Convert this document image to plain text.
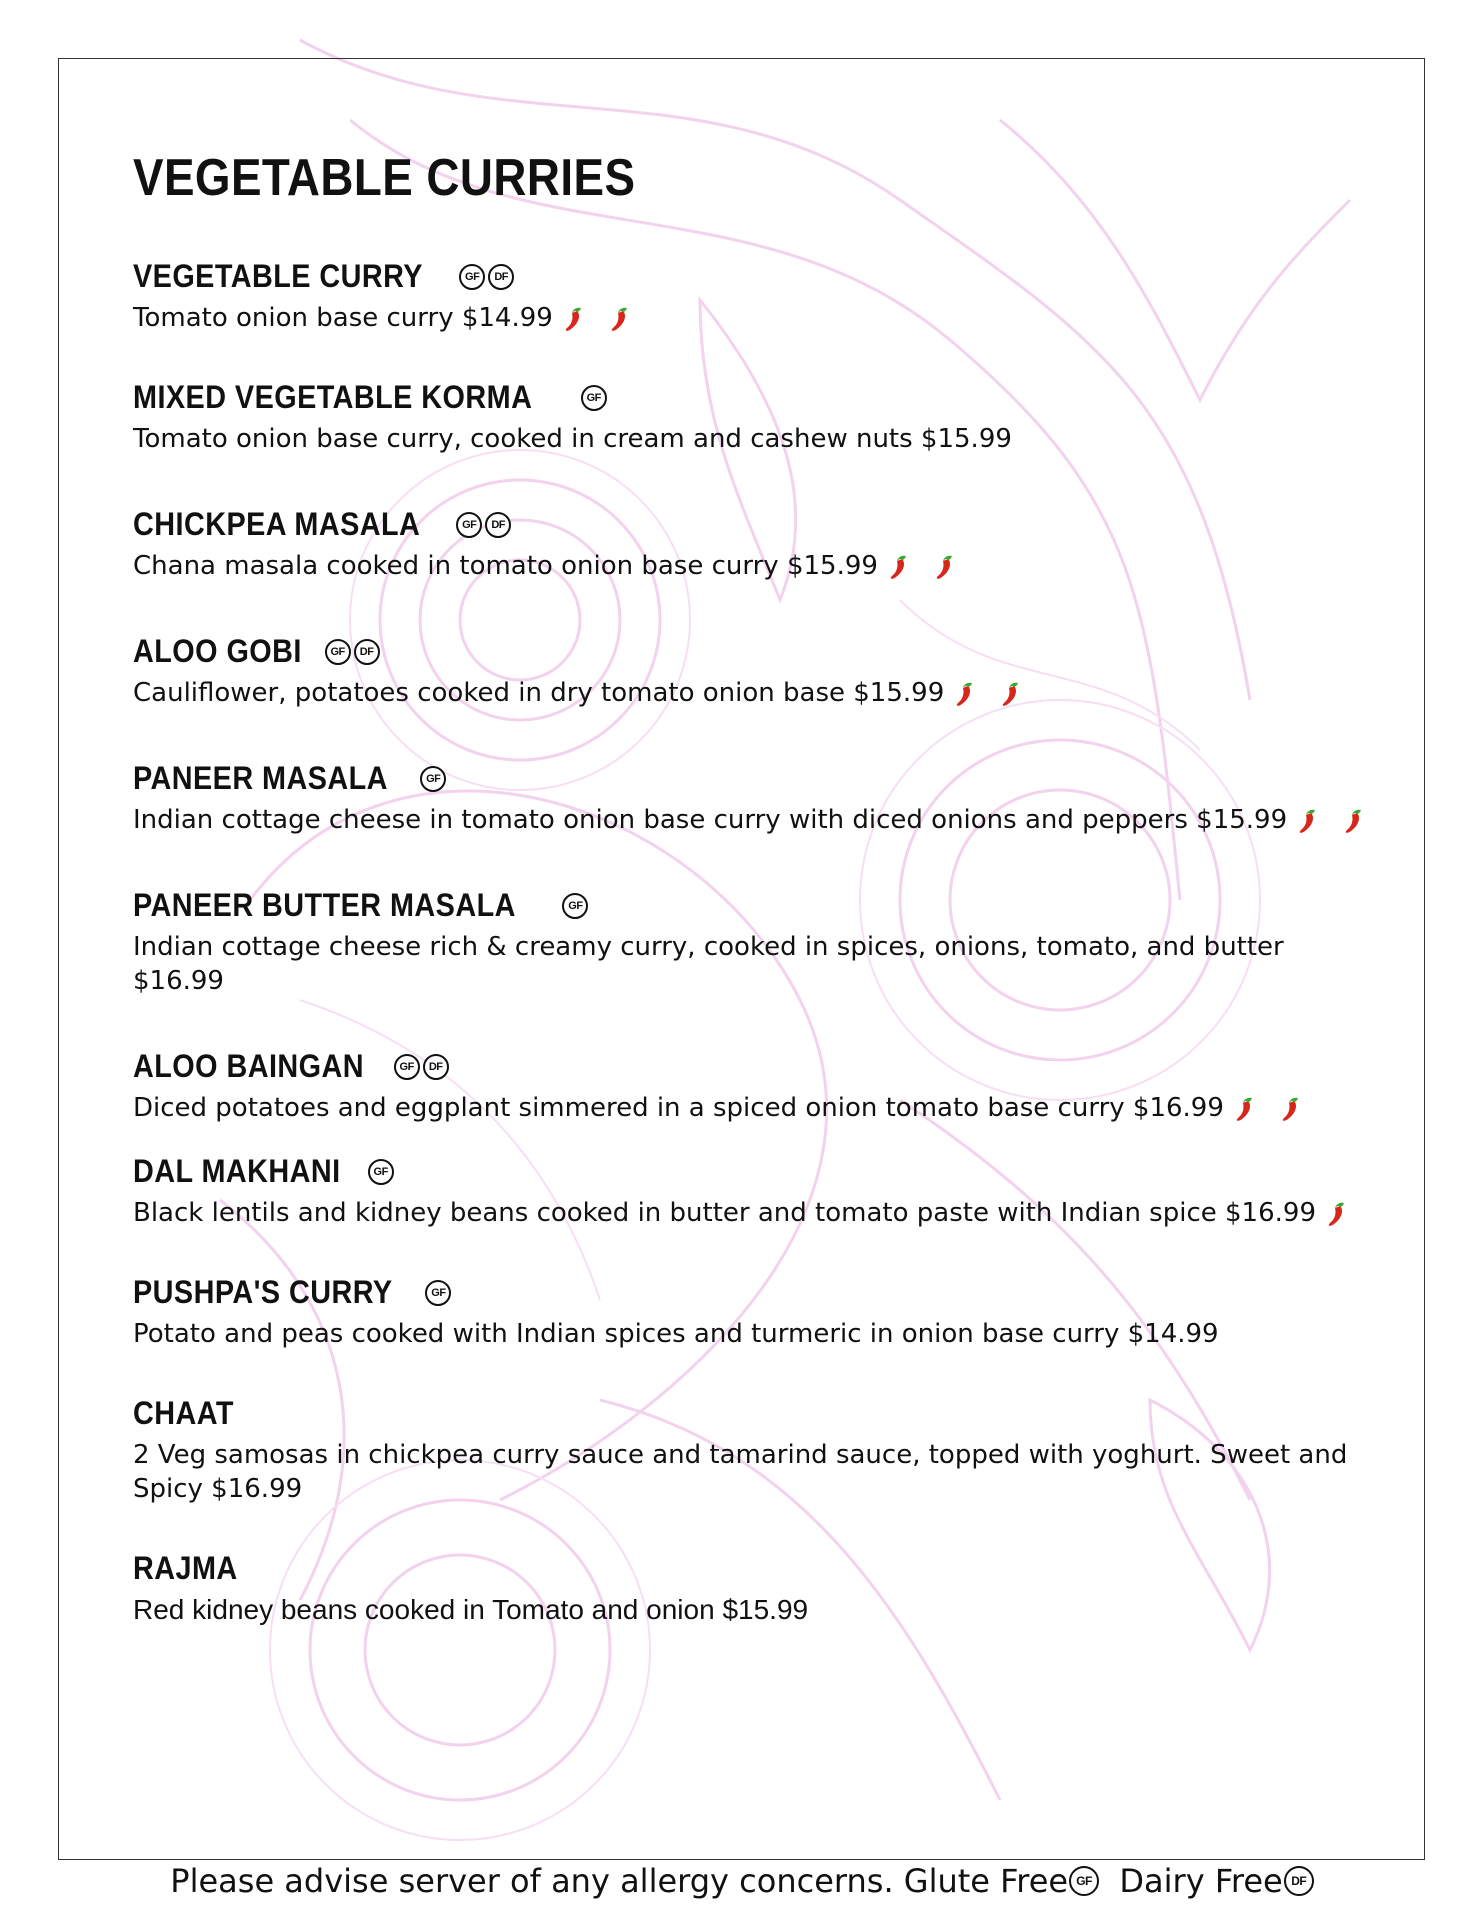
VEGETABLE CURRIES
VEGETABLE CURRY	GF	DF
Tomato onion base curry $14.99
MIXED VEGETABLE KORMA	GF
Tomato onion base curry, cooked in cream and cashew nuts $15.99
CHICKPEA MASALA	GF	DF
Chana masala cooked in tomato onion base curry $15.99
ALOO GOBI	GF	DF
Cauliflower, potatoes cooked in dry tomato onion base $15.99
PANEER MASALA	GF
Indian cottage cheese in tomato onion base curry with diced onions and peppers $15.99
PANEER BUTTER MASALA	GF
Indian cottage cheese rich & creamy curry, cooked in spices, onions, tomato, and butter $16.99
ALOO BAINGAN	GF	DF
Diced potatoes and eggplant simmered in a spiced onion tomato base curry $16.99
DAL MAKHANI	GF
Black lentils and kidney beans cooked in butter and tomato paste with Indian spice $16.99
PUSHPA'S CURRY	GF
Potato and peas cooked with Indian spices and turmeric in onion base curry $14.99
CHAAT
2 Veg samosas in chickpea curry sauce and tamarind sauce, topped with yoghurt. Sweet and Spicy $16.99
RAJMA
Red kidney beans cooked in Tomato and onion $15.99
Please advise server of any allergy concerns.
Glute Free GF
Dairy Free DF
